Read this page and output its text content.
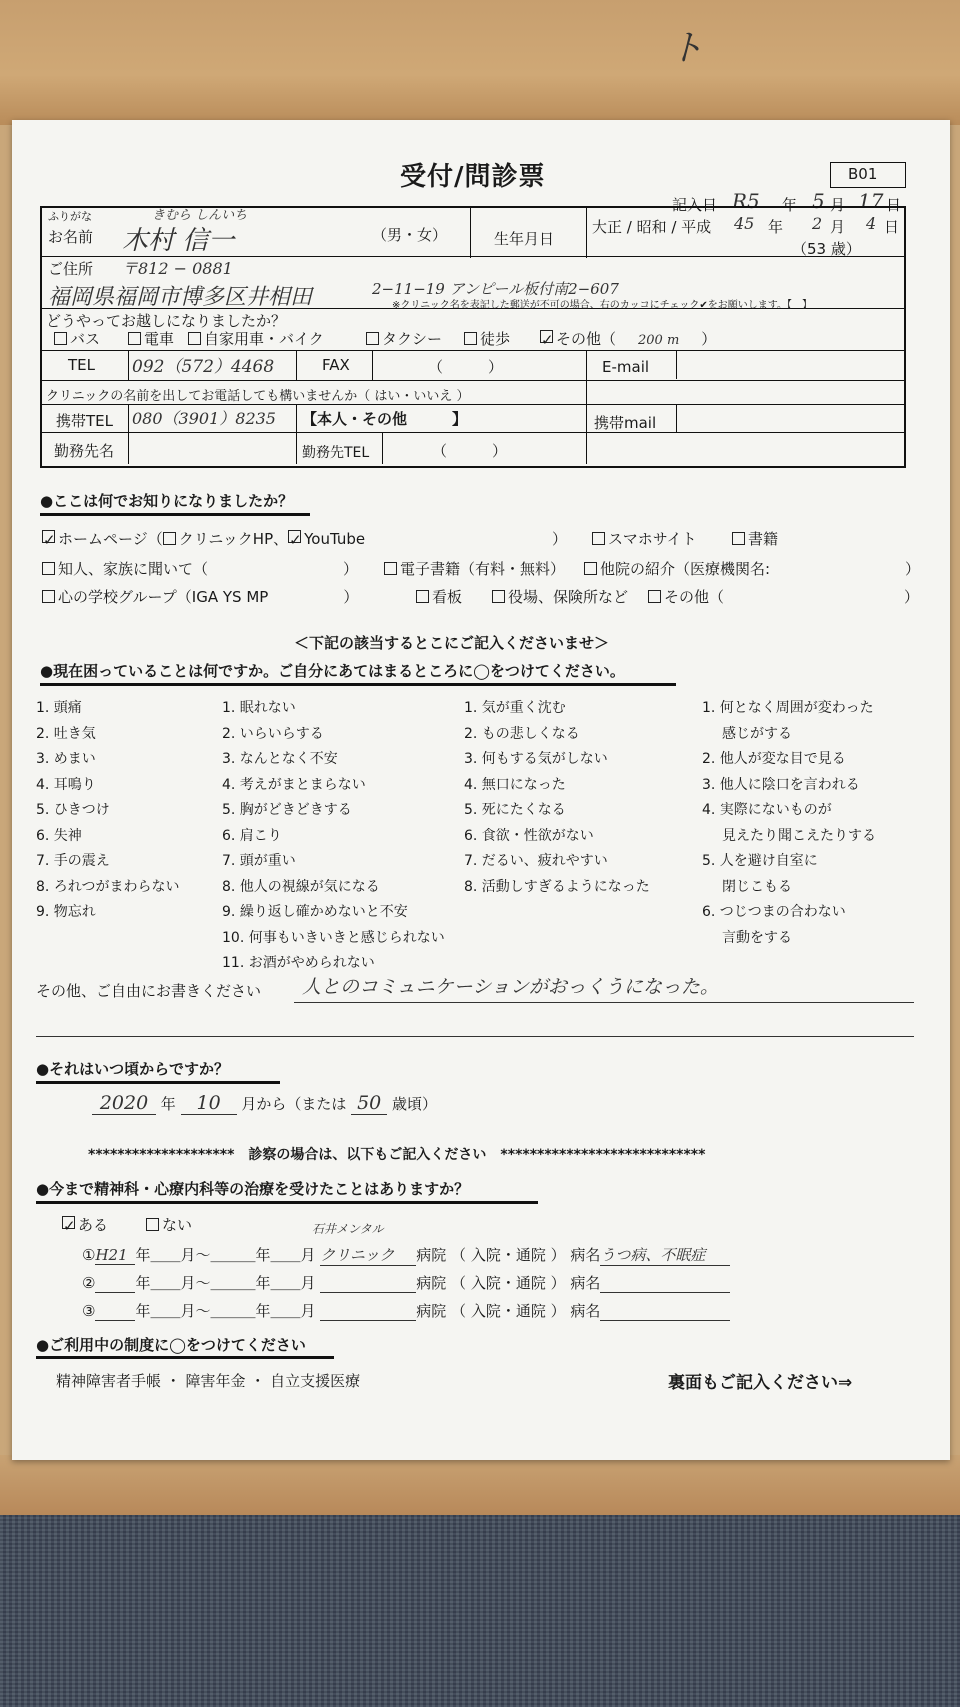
ト
受付/問診票	B01
記入日 R5 年 5 月 17 日
ふりがな	きむら しんいち
お名前 木村 信一	（男・女）	生年月日
大正 / 昭和 / 平成 45 年 2 月 4 日
（53 歳）
ご住所 〒812 − 0881
福岡県福岡市博多区井相田	2−11−19 アンピール板付南2−607
※クリニック名を表記した郵送が不可の場合、右のカッコにチェック✔をお願いします。【　】
どうやってお越しになりましたか？
バス	電車	自家用車・バイク	タクシー	徒歩 ✓ その他（ 200 m ）
TEL 092（572）4468	FAX	（　　　）	E-mail
クリニックの名前を出してお電話しても構いませんか（ はい・いいえ ）
携帯TEL 080（3901）8235 【本人・その他　　　】	携帯mail
勤務先名	勤務先TEL	（　　　）
●ここは何でお知りになりましたか？
✓ ホームページ（ クリニックHP、✓ YouTube	）	スマホサイト	書籍
知人、家族に聞いて（　　　　　　　　　）	電子書籍（有料・無料）	他院の紹介（医療機関名:　　　　　　　　　）
心の学校グループ（IGA YS MP　　　　　）	看板	役場、保険所など	その他（　　　　　　　　　　　　）
＜下記の該当するとこにご記入くださいませ＞
●現在困っていることは何ですか。ご自分にあてはまるところに◯をつけてください。
1. 頭痛
2. 吐き気
3. めまい
4. 耳鳴り
5. ひきつけ
6. 失神
7. 手の震え
8. ろれつがまわらない
9. 物忘れ
1. 眠れない
2. いらいらする
3. なんとなく不安
4. 考えがまとまらない
5. 胸がどきどきする
6. 肩こり
7. 頭が重い
8. 他人の視線が気になる
9. 繰り返し確かめないと不安
10. 何事もいきいきと感じられない
11. お酒がやめられない
1. 気が重く沈む
2. もの悲しくなる
3. 何もする気がしない
4. 無口になった
5. 死にたくなる
6. 食欲・性欲がない
7. だるい、疲れやすい
8. 活動しすぎるようになった
1. 何となく周囲が変わった
感じがする
2. 他人が変な目で見る
3. 他人に陰口を言われる
4. 実際にないものが
見えたり聞こえたりする
5. 人を避け自室に
閉じこもる
6. つじつまの合わない
言動をする
その他、ご自由にお書きください 人とのコミュニケーションがおっくうになった。
●それはいつ頃からですか？
2020 年 10 月から（または 50 歳頃）
********************　診察の場合は、以下もご記入ください　****************************
●今まで精神科・心療内科等の治療を受けたことはありますか？
✓ ある	ない	石井メンタル
①H21 年＿＿月〜＿＿＿年＿＿月 クリニック 病院 （ 入院・通院 ） 病名うつ病、不眠症
②	年＿＿月〜＿＿＿年＿＿月	病院 （ 入院・通院 ） 病名
③	年＿＿月〜＿＿＿年＿＿月	病院 （ 入院・通院 ） 病名
●ご利用中の制度に◯をつけてください
精神障害者手帳 ・ 障害年金 ・ 自立支援医療	裏面もご記入ください⇒
